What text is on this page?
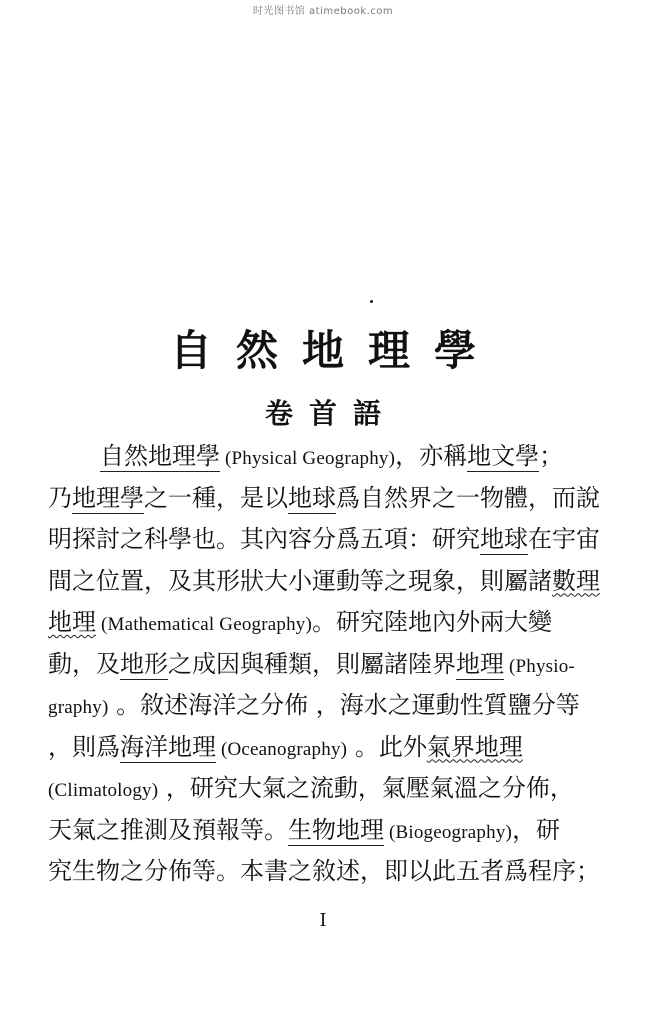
时光图书馆 atimebook.com
自然地理學
卷首語
自然地理學 (Physical Geography)，亦稱地文學；
乃地理學之一種，是以地球爲自然界之一物體，而說
明探討之科學也。其內容分爲五項：研究地球在宇宙
間之位置，及其形狀大小運動等之現象，則屬諸數理
地理 (Mathematical Geography)。研究陸地內外兩大變
動，及地形之成因與種類，則屬諸陸界地理 (Physio-
graphy) 。敘述海洋之分佈 ，海水之運動性質鹽分等
，則爲海洋地理 (Oceanography) 。此外氣界地理
(Climatology) ，研究大氣之流動，氣壓氣溫之分佈，
天氣之推測及預報等。生物地理 (Biogeography)，研
究生物之分佈等。本書之敘述，即以此五者爲程序；
I
